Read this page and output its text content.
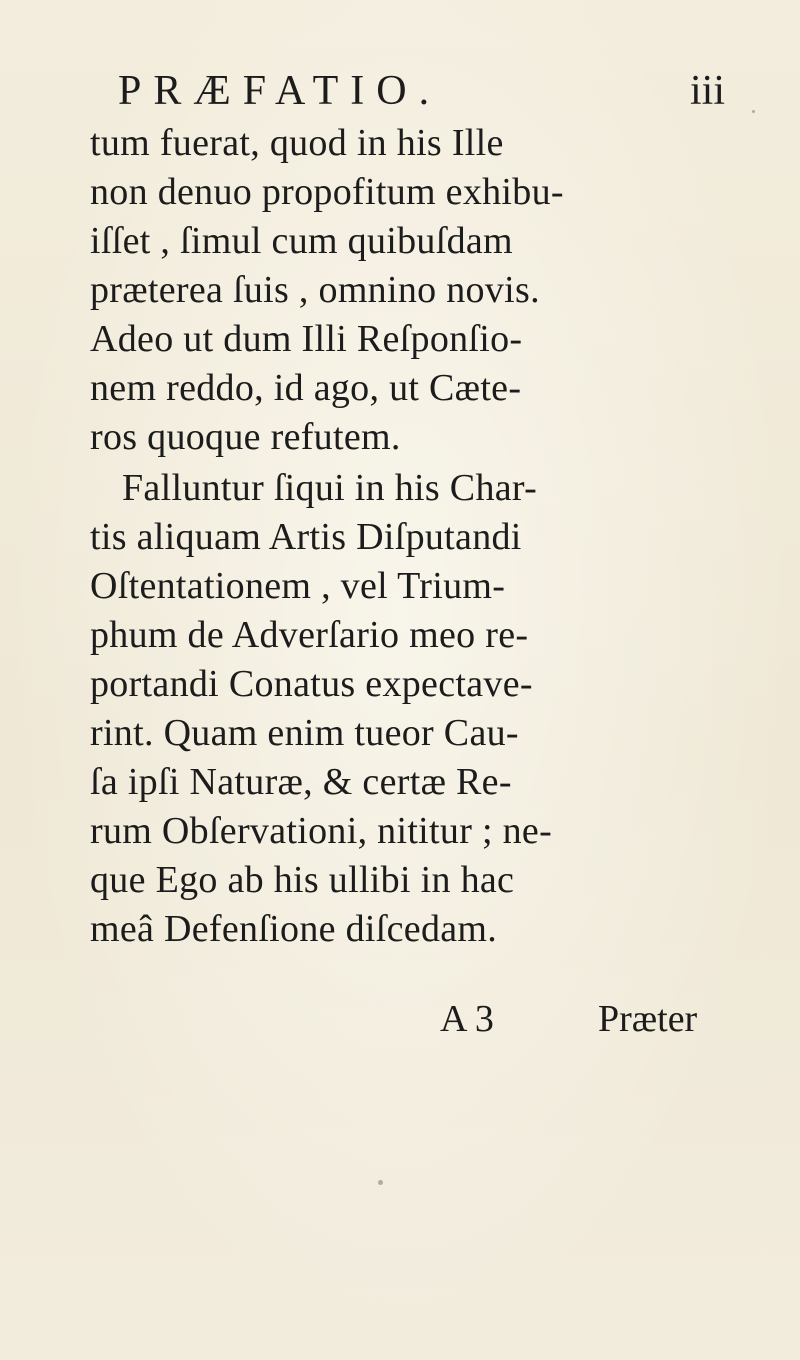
PRÆFATIO.	iii

tum fuerat, quod in his Ille
non denuo propofitum exhibu-
iſſet , ſimul cum quibuſdam
præterea ſuis , omnino novis.
Adeo ut dum Illi Reſponſio-
nem reddo, id ago, ut Cæte-
ros quoque refutem.

Falluntur ſiqui in his Char-
tis aliquam Artis Diſputandi
Oſtentationem , vel Trium-
phum de Adverſario meo re-
portandi Conatus expectave-
rint. Quam enim tueor Cau-
ſa ipſi Naturæ, & certæ Re-
rum Obſervationi, nititur ; ne-
que Ego ab his ullibi in hac
meâ Defenſione diſcedam.

A 3	Præter
